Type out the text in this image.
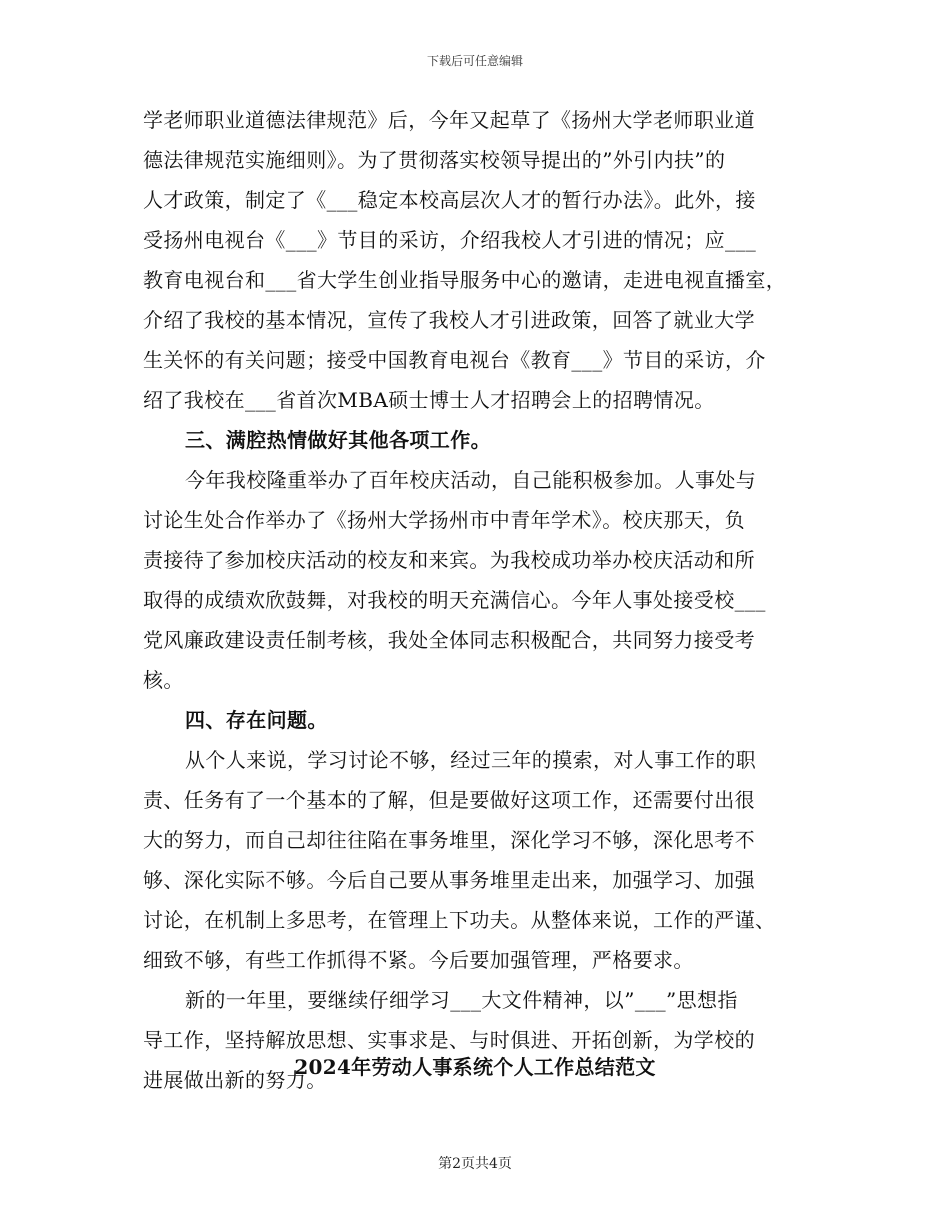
下载后可任意编辑
学老师职业道德法律规范》后，今年又起草了《扬州大学老师职业道
德法律规范实施细则》。为了贯彻落实校领导提出的”外引内扶”的
人才政策，制定了《___稳定本校高层次人才的暂行办法》。此外，接
受扬州电视台《___》节目的采访，介绍我校人才引进的情况；应___
教育电视台和___省大学生创业指导服务中心的邀请，走进电视直播室，
介绍了我校的基本情况，宣传了我校人才引进政策，回答了就业大学
生关怀的有关问题；接受中国教育电视台《教育___》节目的采访，介
绍了我校在___省首次MBA硕士博士人才招聘会上的招聘情况。
三、满腔热情做好其他各项工作。
今年我校隆重举办了百年校庆活动，自己能积极参加。人事处与
讨论生处合作举办了《扬州大学扬州市中青年学术》。校庆那天，负
责接待了参加校庆活动的校友和来宾。为我校成功举办校庆活动和所
取得的成绩欢欣鼓舞，对我校的明天充满信心。今年人事处接受校___
党风廉政建设责任制考核，我处全体同志积极配合，共同努力接受考
核。
四、存在问题。
从个人来说，学习讨论不够，经过三年的摸索，对人事工作的职
责、任务有了一个基本的了解，但是要做好这项工作，还需要付出很
大的努力，而自己却往往陷在事务堆里，深化学习不够，深化思考不
够、深化实际不够。今后自己要从事务堆里走出来，加强学习、加强
讨论，在机制上多思考，在管理上下功夫。从整体来说，工作的严谨、
细致不够，有些工作抓得不紧。今后要加强管理，严格要求。
新的一年里，要继续仔细学习___大文件精神，以”___”思想指
导工作，坚持解放思想、实事求是、与时俱进、开拓创新，为学校的
进展做出新的努力。
2024年劳动人事系统个人工作总结范文
第2页共4页
